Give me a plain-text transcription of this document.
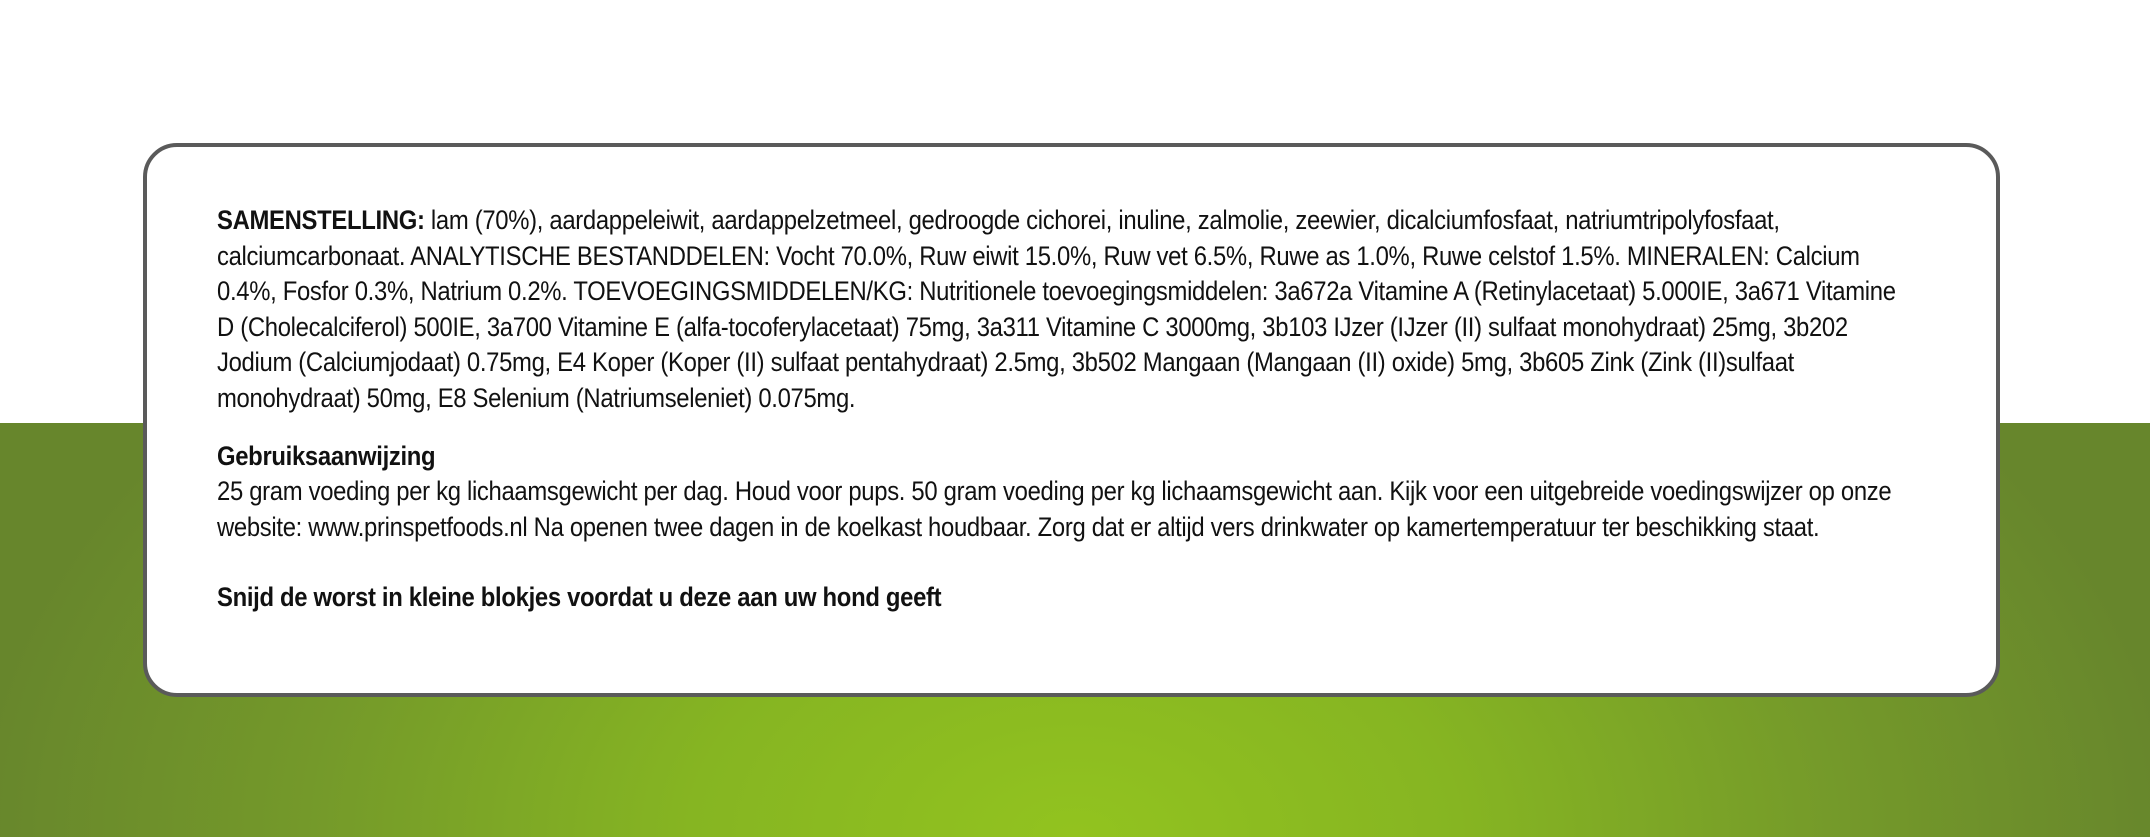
SAMENSTELLING: lam (70%), aardappeleiwit, aardappelzetmeel, gedroogde cichorei, inuline, zalmolie, zeewier, dicalciumfosfaat, natriumtripolyfosfaat, calciumcarbonaat. ANALYTISCHE BESTANDDELEN: Vocht 70.0%, Ruw eiwit 15.0%, Ruw vet 6.5%, Ruwe as 1.0%, Ruwe celstof 1.5%. MINERALEN: Calcium 0.4%, Fosfor 0.3%, Natrium 0.2%. TOEVOEGINGSMIDDELEN/KG: Nutritionele toevoegingsmiddelen: 3a672a Vitamine A (Retinylacetaat) 5.000IE, 3a671 Vitamine D (Cholecalciferol) 500IE, 3a700 Vitamine E (alfa-tocoferylacetaat) 75mg, 3a311 Vitamine C 3000mg, 3b103 IJzer (IJzer (II) sulfaat monohydraat) 25mg, 3b202 Jodium (Calciumjodaat) 0.75mg, E4 Koper (Koper (II) sulfaat pentahydraat) 2.5mg, 3b502 Mangaan (Mangaan (II) oxide) 5mg, 3b605 Zink (Zink (II)sulfaat monohydraat) 50mg, E8 Selenium (Natriumseleniet) 0.075mg.

Gebruiksaanwijzing
25 gram voeding per kg lichaamsgewicht per dag. Houd voor pups. 50 gram voeding per kg lichaamsgewicht aan. Kijk voor een uitgebreide voedingswijzer op onze website: www.prinspetfoods.nl Na openen twee dagen in de koelkast houdbaar. Zorg dat er altijd vers drinkwater op kamertemperatuur ter beschikking staat.

Snijd de worst in kleine blokjes voordat u deze aan uw hond geeft
